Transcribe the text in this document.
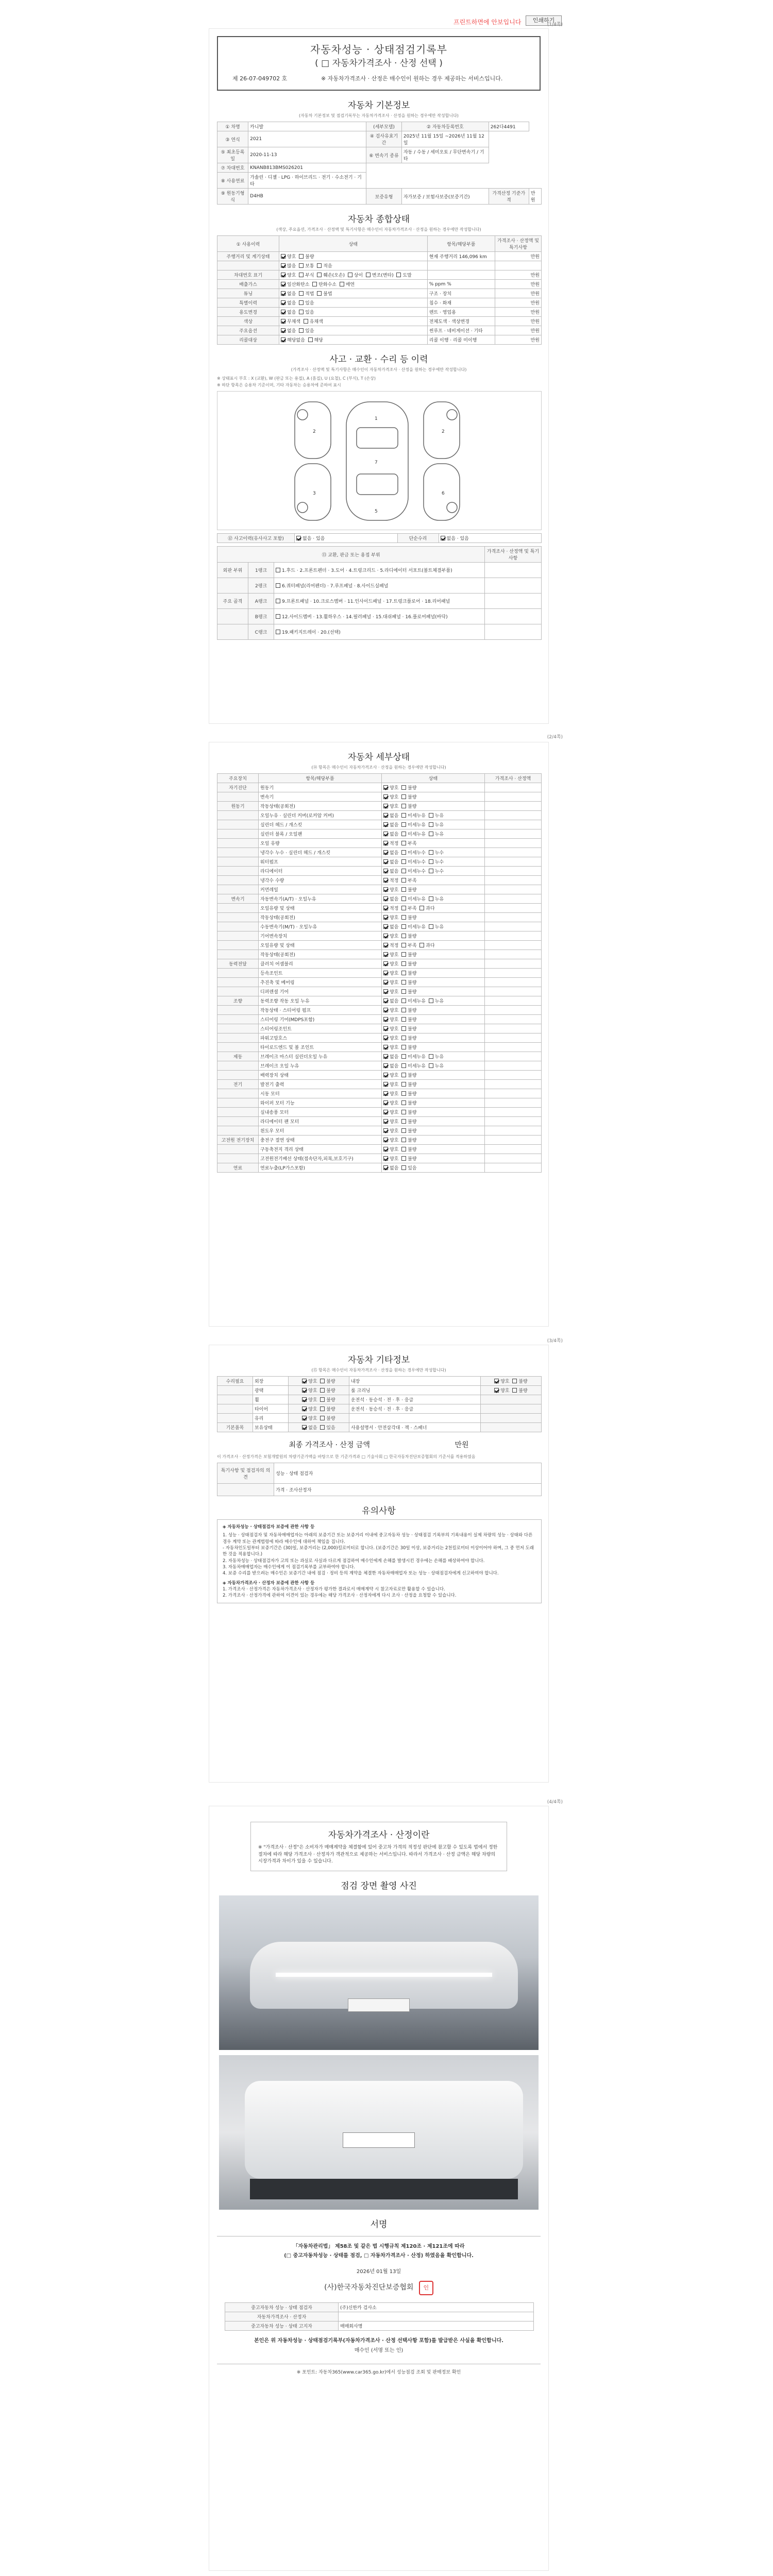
프린트하면에 안보입니다	인쇄하기
(1/4쪽)
자동차성능 · 상태점검기록부
( □ 자동차가격조사 · 산정 선택 )
제 26-07-049702 호	※ 자동차가격조사 · 산정은 매수인이 원하는 경우 제공하는 서비스입니다.
자동차 기본정보
(자동차 기본정보 및 점검기록부는 자동차가격조사 · 산정을 원하는 경우에만 작성합니다)
① 차명	카니발	(세부모델)	② 자동차등록번호	262다4491	
③ 연식	2021	④ 검사유효기간	2025년 11월 15일 ~2026년 11월 12일		
⑤ 최초등록일	2020-11-13	⑥ 변속기 종류	자동 / 수동 / 세미오토 / 무단변속기 / 기타		
⑦ 차대번호	KNANB813BMS026201				
⑧ 사용연료	가솔린 · 디젤 · LPG · 하이브리드 · 전기 · 수소전기 · 기타				
⑨ 원동기형식	D4HB	보증유형	자가보증 / 보험사보증(보증기간)	가격산정 기준가격	만원
자동차 종합상태
(색상, 주요옵션, 가격조사 · 산정액 및 특기사항은 매수인이 자동차가격조사 · 산정을 원하는 경우에만 작성합니다)
① 사용이력	상태	항목/해당부품	가격조사 · 산정액 및 특기사항
주행거리 및 계기상태	양호 불량	현재 주행거리 146,096 km	만원
	많음 보통 적음		
차대번호 표기	양호 부식 훼손(오손) 상이 변조(변타) 도말		만원
배출가스	일산화탄소 탄화수소 매연	% ppm %	만원
튜닝	없음 적법 불법	구조 · 장치	만원
특별이력	없음 있음	침수 · 화재	만원
용도변경	없음 있음	렌트 · 영업용	만원
색상	무채색 유채색	전체도색 · 색상변경	만원
주요옵션	없음 있음	썬루프 · 네비게이션 · 기타	만원
리콜대상	해당없음 해당	리콜 이행 · 리콜 미이행	만원
사고 · 교환 · 수리 등 이력
(가격조사 · 산정액 및 특기사항은 매수인이 자동차가격조사 · 산정을 원하는 경우에만 작성합니다)
※ 상태표시 부호 : X (교환), W (판금 또는 용접), A (흠집), U (요철), C (부식), T (손상)
※ 하단 항목은 승용차 기준이며, 기타 자동차는 승용차에 준하여 표시
2
3
1
7
5
2
6
⑫ 사고이력(유사사고 포함)	없음 · 있음	단순수리	없음 · 있음
⑬ 교환, 판금 또는 용접 부위			가격조사 · 산정액 및 특기사항
외판 부위	1랭크	1.후드 · 2.프론트펜더 · 3.도어 · 4.트렁크리드 · 5.라디에이터 서포트(볼트체결부품)	
	2랭크	6.쿼터패널(리어펜더) · 7.루프패널 · 8.사이드실패널	
주요 골격	A랭크	9.프론트패널 · 10.크로스멤버 · 11.인사이드패널 · 17.트렁크플로어 · 18.리어패널	
	B랭크	12.사이드멤버 · 13.휠하우스 · 14.필러패널 · 15.대쉬패널 · 16.플로어패널(바닥)	
	C랭크	19.패키지트레이 · 20.(선택)	
(2/4쪽)
자동차 세부상태
(⑭ 항목은 매수인이 자동차가격조사 · 산정을 원하는 경우에만 작성합니다)
주요장치	항목/해당부품	상태	가격조사 · 산정액
자기진단	원동기	양호 불량	
	변속기	양호 불량	
원동기	작동상태(공회전)	양호 불량	
	오일누유 · 실린더 커버(로커암 커버)	없음 미세누유 누유	
	실린더 헤드 / 개스킷	없음 미세누유 누유	
	실린더 블록 / 오일팬	없음 미세누유 누유	
	오일 유량	적정 부족	
	냉각수 누수 · 실린더 헤드 / 개스킷	없음 미세누수 누수	
	워터펌프	없음 미세누수 누수	
	라디에이터	없음 미세누수 누수	
	냉각수 수량	적정 부족	
	커먼레일	양호 불량	
변속기	자동변속기(A/T) · 오일누유	없음 미세누유 누유	
	오일유량 및 상태	적정 부족 과다	
	작동상태(공회전)	양호 불량	
	수동변속기(M/T) · 오일누유	없음 미세누유 누유	
	기어변속장치	양호 불량	
	오일유량 및 상태	적정 부족 과다	
	작동상태(공회전)	양호 불량	
동력전달	클러치 어셈블리	양호 불량	
	등속조인트	양호 불량	
	추진축 및 베어링	양호 불량	
	디퍼렌셜 기어	양호 불량	
조향	동력조향 작동 오일 누유	없음 미세누유 누유	
	작동상태 · 스티어링 펌프	양호 불량	
	스티어링 기어(MDPS포함)	양호 불량	
	스티어링조인트	양호 불량	
	파워고압호스	양호 불량	
	타이로드엔드 및 볼 조인트	양호 불량	
제동	브레이크 마스터 실린더오일 누유	없음 미세누유 누유	
	브레이크 오일 누유	없음 미세누유 누유	
	배력장치 상태	양호 불량	
전기	발전기 출력	양호 불량	
	시동 모터	양호 불량	
	와이퍼 모터 기능	양호 불량	
	실내송풍 모터	양호 불량	
	라디에이터 팬 모터	양호 불량	
	윈도우 모터	양호 불량	
고전원 전기장치	충전구 절연 상태	양호 불량	
	구동축전지 격리 상태	양호 불량	
	고전원전기배선 상태(접속단자,피복,보호기구)	양호 불량	
연료	연료누출(LP가스포함)	없음 있음	
(3/4쪽)
자동차 기타정보
(⑮ 항목은 매수인이 자동차가격조사 · 산정을 원하는 경우에만 작성합니다)
수리필요	외장	양호 불량	내장	양호 불량
	광택	양호 불량	룸 크리닝	양호 불량
	휠	양호 불량	운전석 · 동승석 · 전 · 후 · 응급	
	타이어	양호 불량	운전석 · 동승석 · 전 · 후 · 응급	
	유리	양호 불량		
기본품목	보유상태	없음 있음	사용설명서 · 안전삼각대 · 잭 · 스패너	
최종 가격조사 · 산정 금액	만원
이 가격조사 · 산정가격은 보험개발원의 차량기준가액을 바탕으로 한 기준가격과 □ 기술사회 □ 한국자동차진단보증협회의 기준서를 적용하였음
특기사항 및 점검자의 의견	성능 · 상태 점검자
	가격 · 조사산정자
유의사항
◈ 자동차성능 · 상태점검자 보증에 관한 사항 등
1. 성능 · 상태점검자 및 자동차매매업자는 아래의 보증기간 또는 보증거리 이내에 중고자동차 성능 · 상태점검 기록부의 기록내용이 실제 차량의 성능 · 상태와 다른 경우 계약 또는 관계법령에 따라 매수인에 대하여 책임을 집니다.
- 자동차인도일부터 보증기간은 (30)일, 보증거리는 (2,000)킬로미터로 합니다. (보증기간은 30일 이상, 보증거리는 2천킬로미터 이상이어야 하며, 그 중 먼저 도래한 것을 적용합니다.)
2. 자동차성능 · 상태점검자가 고의 또는 과실로 사실과 다르게 점검하여 매수인에게 손해를 발생시킨 경우에는 손해를 배상하여야 합니다.
3. 자동차매매업자는 매수인에게 이 점검기록부를 교부하여야 합니다.
4. 보증 수리를 받으려는 매수인은 보증기간 내에 점검 · 정비 등의 계약을 체결한 자동차매매업자 또는 성능 · 상태점검자에게 신고하여야 합니다.
◈ 자동차가격조사 · 산정자 보증에 관한 사항 등
1. 가격조사 · 산정가격은 자동차가격조사 · 산정자가 평가한 결과로서 매매계약 시 참고자료로만 활용할 수 있습니다.
2. 가격조사 · 산정가격에 관하여 이견이 있는 경우에는 해당 가격조사 · 산정자에게 다시 조사 · 산정을 요청할 수 있습니다.
(4/4쪽)
자동차가격조사 · 산정이란
※ "가격조사 · 산정"은 소비자가 매매계약을 체결함에 있어 중고차 가격의 적정성 판단에 참고할 수 있도록 법에서 정한 절차에 따라 해당 가격조사 · 산정자가 객관적으로 제공하는 서비스입니다. 따라서 가격조사 · 산정 금액은 해당 차량의 시장가격과 차이가 있을 수 있습니다.
점검 장면 촬영 사진
서명
「자동차관리법」 제58조 및 같은 법 시행규칙 제120조 · 제121조에 따라
(□ 중고자동차성능 · 상태를 점검, □ 자동차가격조사 · 산정) 하였음을 확인합니다.
2026년 01월 13일
(사)한국자동차진단보증협회 인
중고자동차 성능 · 상태 점검자	(주)신한카 검사소
자동차가격조사 · 산정자	
중고자동차 성능 · 상태 고지자	매매회사명
본인은 위 자동차성능 · 상태점검기록부(자동차가격조사 · 산정 선택사항 포함)를 발급받은 사실을 확인합니다.
매수인 (서명 또는 인)
※ 포인트: 자동차365(www.car365.go.kr)에서 성능점검 조회 및 판매정보 확인
